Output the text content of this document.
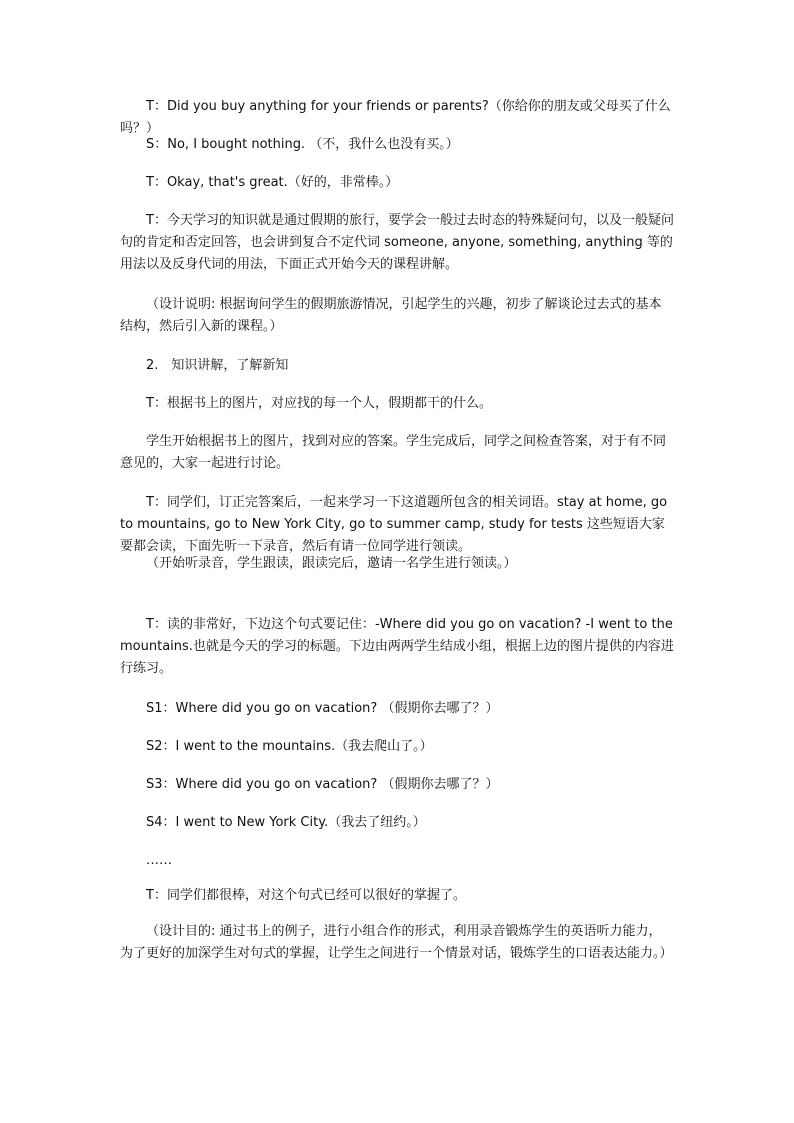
T：Did you buy anything for your friends or parents?（你给你的朋友或父母买了什么吗？）

S：No, I bought nothing. （不，我什么也没有买。）

T：Okay, that's great.（好的，非常棒。）

T：今天学习的知识就是通过假期的旅行，要学会一般过去时态的特殊疑问句，以及一般疑问句的肯定和否定回答，也会讲到复合不定代词 someone, anyone, something, anything 等的用法以及反身代词的用法，下面正式开始今天的课程讲解。

（设计说明: 根据询问学生的假期旅游情况，引起学生的兴趣，初步了解谈论过去式的基本结构，然后引入新的课程。）

2.　知识讲解，了解新知

T：根据书上的图片，对应找的每一个人，假期都干的什么。

学生开始根据书上的图片，找到对应的答案。学生完成后，同学之间检查答案，对于有不同意见的，大家一起进行讨论。

T：同学们，订正完答案后，一起来学习一下这道题所包含的相关词语。stay at home, go to mountains, go to New York City, go to summer camp, study for tests 这些短语大家要都会读，下面先听一下录音，然后有请一位同学进行领读。

（开始听录音，学生跟读，跟读完后，邀请一名学生进行领读。）

T：读的非常好，下边这个句式要记住：-Where did you go on vacation? -I went to the mountains.也就是今天的学习的标题。下边由两两学生结成小组，根据上边的图片提供的内容进行练习。

S1：Where did you go on vacation? （假期你去哪了？）

S2：I went to the mountains.（我去爬山了。）

S3：Where did you go on vacation? （假期你去哪了？）

S4：I went to New York City.（我去了纽约。）

……

T：同学们都很棒，对这个句式已经可以很好的掌握了。

（设计目的: 通过书上的例子，进行小组合作的形式，利用录音锻炼学生的英语听力能力，为了更好的加深学生对句式的掌握，让学生之间进行一个情景对话，锻炼学生的口语表达能力。）
